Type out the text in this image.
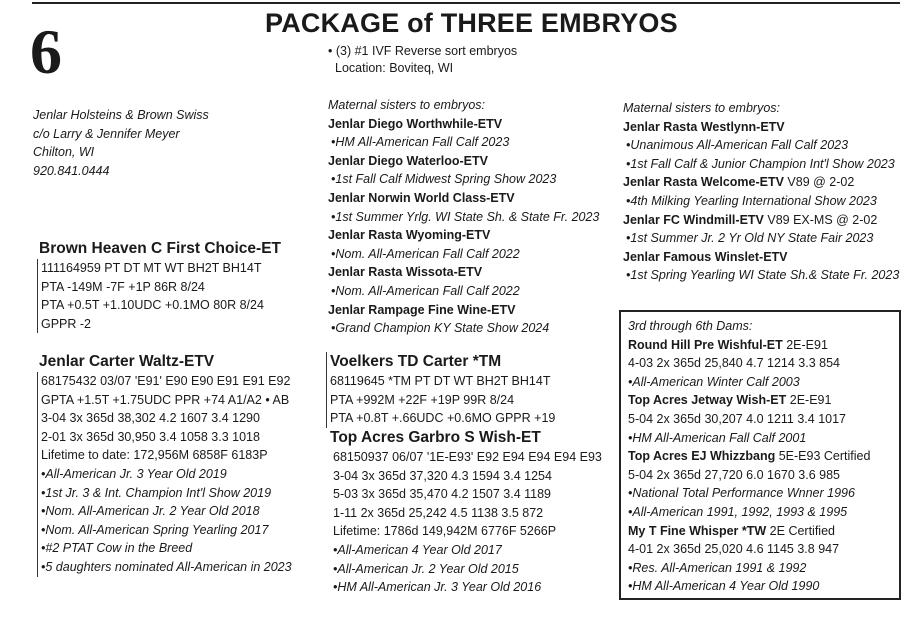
6	PACKAGE of THREE EMBRYOS
• (3) #1 IVF Reverse sort embryos
Location: Boviteq, WI
Jenlar Holsteins & Brown Swiss
c/o Larry & Jennifer Meyer
Chilton, WI
920.841.0444
Maternal sisters to embryos:
Jenlar Diego Worthwhile-ETV
•HM All-American Fall Calf 2023
Jenlar Diego Waterloo-ETV
•1st Fall Calf Midwest Spring Show 2023
Jenlar Norwin World Class-ETV
•1st Summer Yrlg. WI State Sh. & State Fr. 2023
Jenlar Rasta Wyoming-ETV
•Nom. All-American Fall Calf 2022
Jenlar Rasta Wissota-ETV
•Nom. All-American Fall Calf 2022
Jenlar Rampage Fine Wine-ETV
•Grand Champion KY State Show 2024
Maternal sisters to embryos:
Jenlar Rasta Westlynn-ETV
•Unanimous All-American Fall Calf 2023
•1st Fall Calf & Junior Champion Int'l Show 2023
Jenlar Rasta Welcome-ETV V89 @ 2-02
•4th Milking Yearling International Show 2023
Jenlar FC Windmill-ETV V89 EX-MS @ 2-02
•1st Summer Jr. 2 Yr Old NY State Fair 2023
Jenlar Famous Winslet-ETV
•1st Spring Yearling WI State Sh.& State Fr. 2023
Brown Heaven C First Choice-ET
111164959 PT DT MT WT BH2T BH14T
PTA -149M -7F +1P 86R 8/24
PTA +0.5T +1.10UDC +0.1MO 80R 8/24
GPPR -2
Jenlar Carter Waltz-ETV
68175432 03/07 'E91' E90 E90 E91 E91 E92
GPTA +1.5T +1.75UDC PPR +74 A1/A2 • AB
3-04 3x 365d 38,302 4.2 1607 3.4 1290
2-01 3x 365d 30,950 3.4 1058 3.3 1018
Lifetime to date: 172,956M 6858F 6183P
•All-American Jr. 3 Year Old 2019
•1st Jr. 3 & Int. Champion Int'l Show 2019
•Nom. All-American Jr. 2 Year Old 2018
•Nom. All-American Spring Yearling 2017
•#2 PTAT Cow in the Breed
•5 daughters nominated All-American in 2023
Voelkers TD Carter *TM
68119645 *TM PT DT WT BH2T BH14T
PTA +992M +22F +19P 99R 8/24
PTA +0.8T +.66UDC +0.6MO GPPR +19
Top Acres Garbro S Wish-ET
68150937 06/07 '1E-E93' E92 E94 E94 E94 E93
3-04 3x 365d 37,320 4.3 1594 3.4 1254
5-03 3x 365d 35,470 4.2 1507 3.4 1189
1-11 2x 365d 25,242 4.5 1138 3.5 872
Lifetime: 1786d 149,942M 6776F 5266P
•All-American 4 Year Old 2017
•All-American Jr. 2 Year Old 2015
•HM All-American Jr. 3 Year Old 2016
3rd through 6th Dams:
Round Hill Pre Wishful-ET 2E-E91
4-03 2x 365d 25,840 4.7 1214 3.3 854
•All-American Winter Calf 2003
Top Acres Jetway Wish-ET 2E-E91
5-04 2x 365d 30,207 4.0 1211 3.4 1017
•HM All-American Fall Calf 2001
Top Acres EJ Whizzbang 5E-E93 Certified
5-04 2x 365d 27,720 6.0 1670 3.6 985
•National Total Performance Wnner 1996
•All-American 1991, 1992, 1993 & 1995
My T Fine Whisper *TW 2E Certified
4-01 2x 365d 25,020 4.6 1145 3.8 947
•Res. All-American 1991 & 1992
•HM All-American 4 Year Old 1990
